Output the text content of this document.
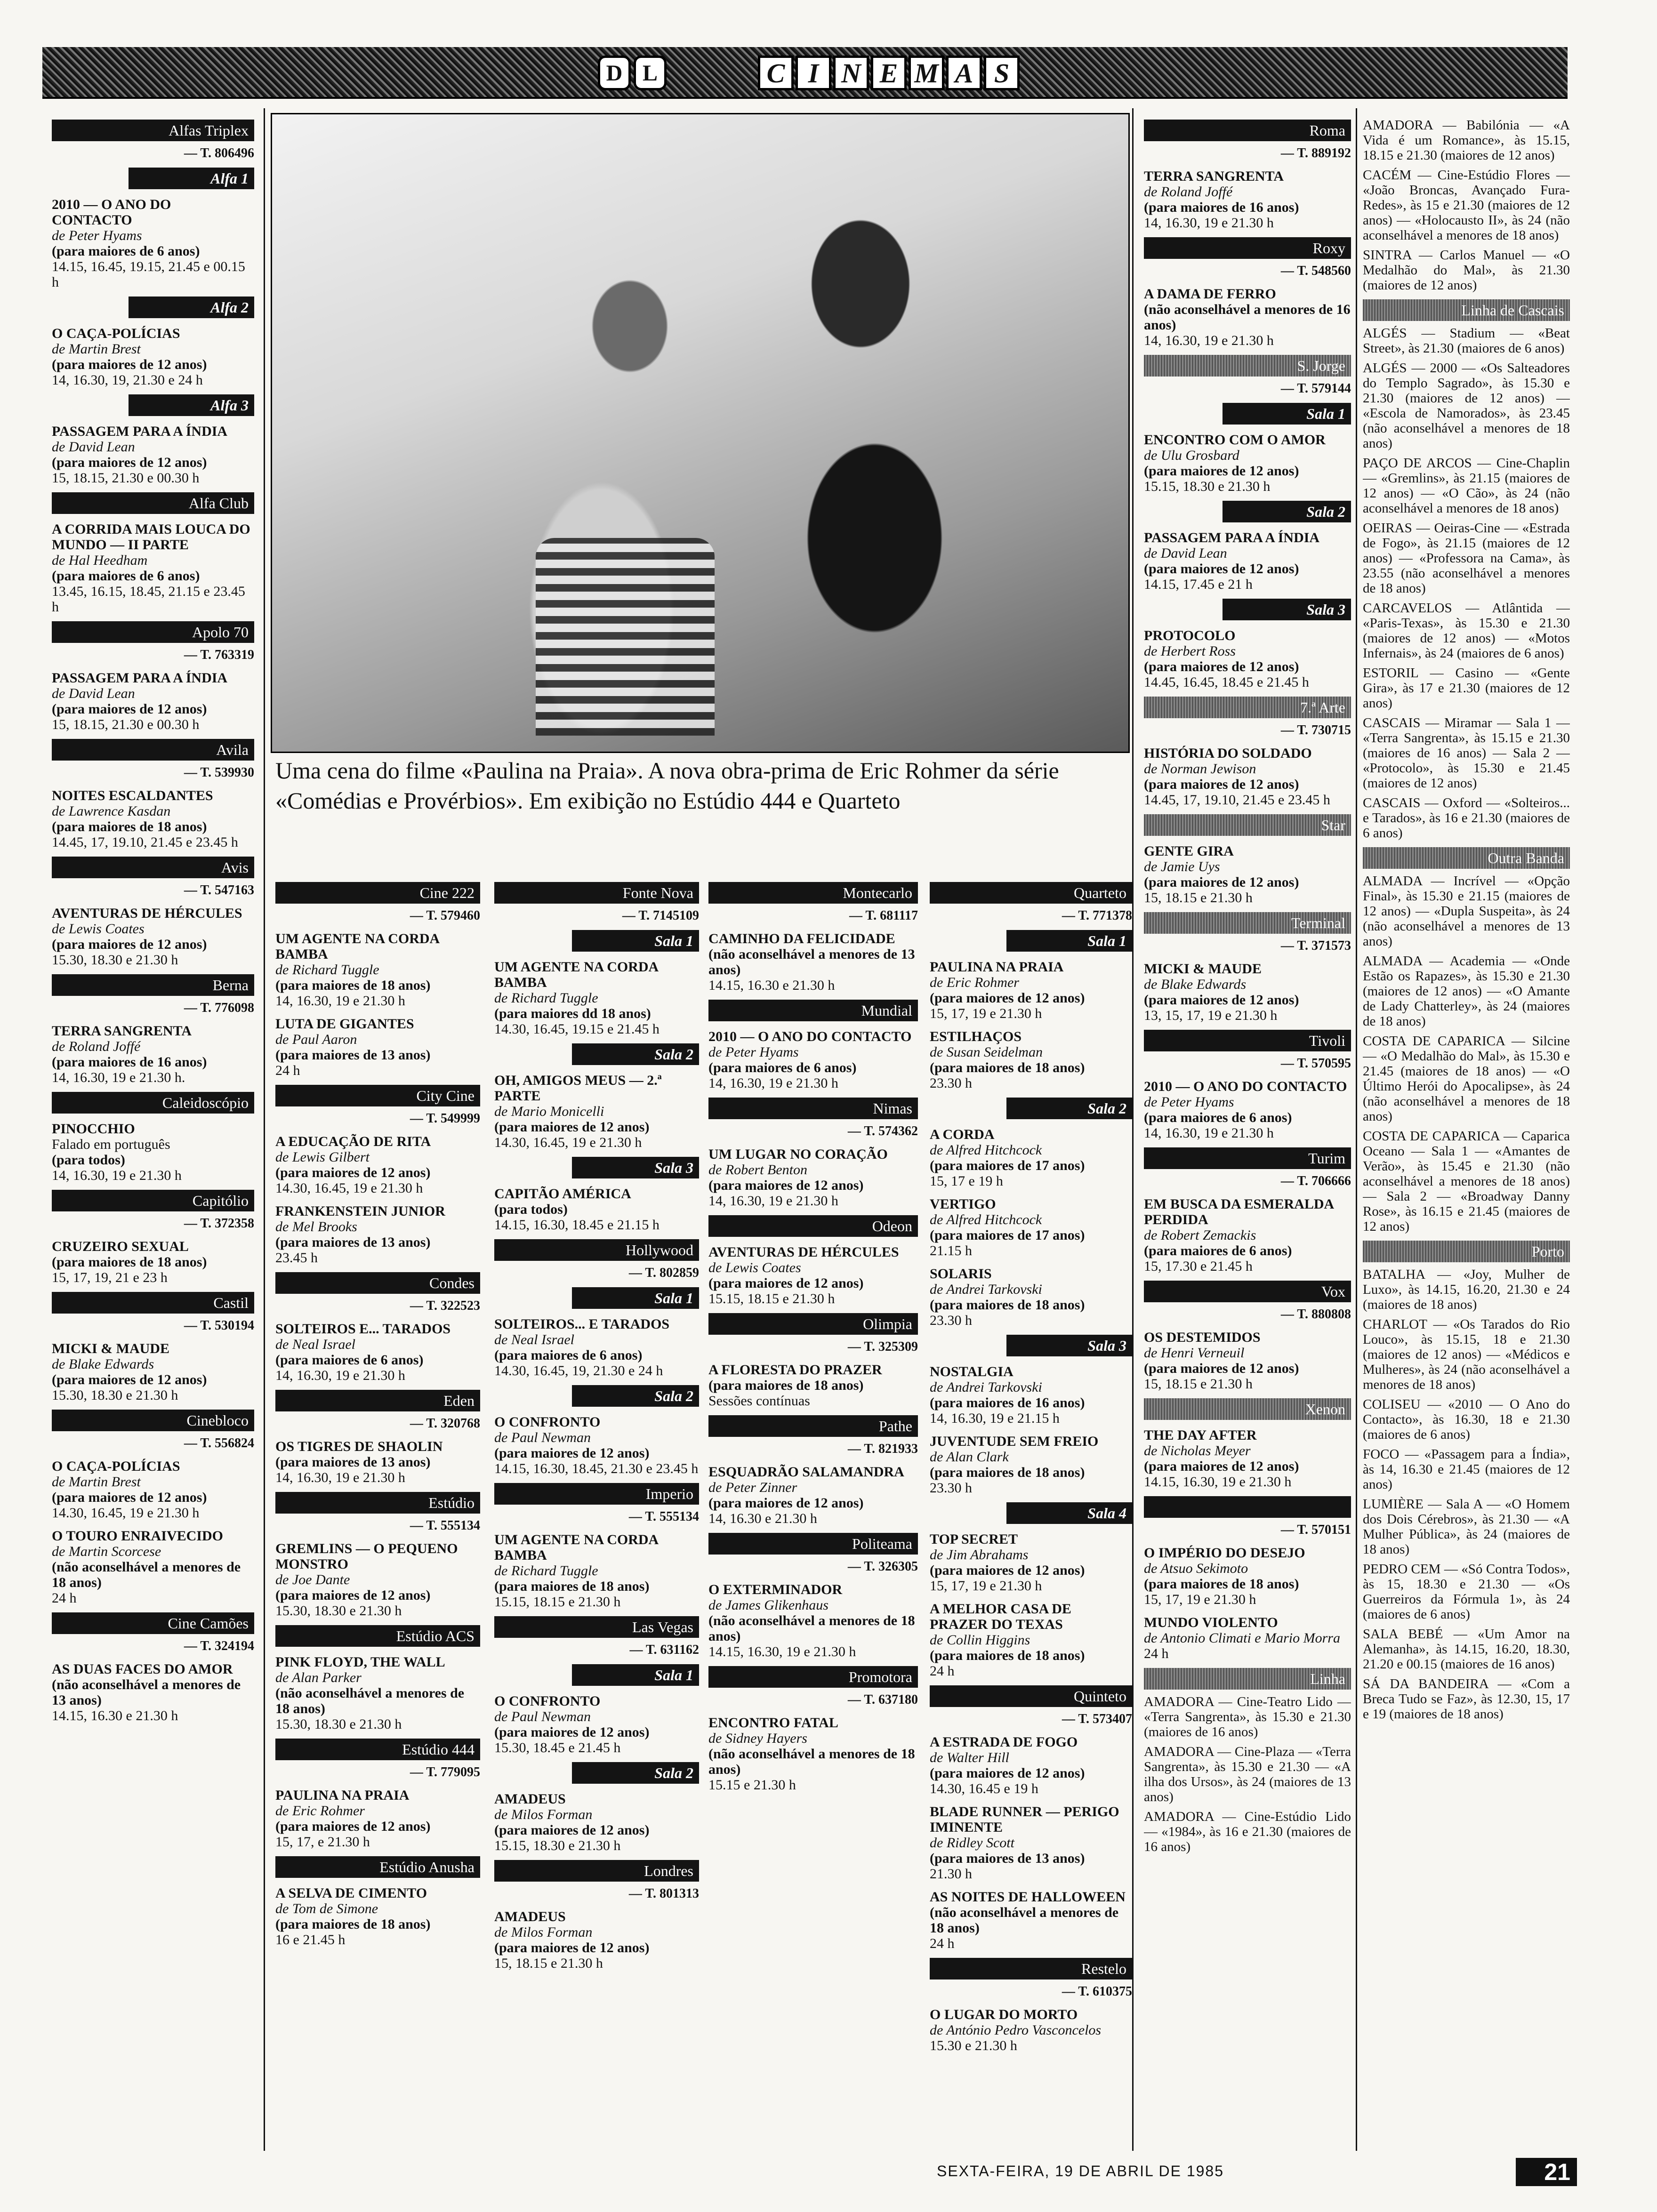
D L	C I N E M A S
Uma cena do filme «Paulina na Praia». A nova obra-prima de Eric Rohmer da série «Comédias e Provérbios». Em exibição no Estúdio 444 e Quarteto
Alfas Triplex
— T. 806496
Alfa 1
2010 — O ANO DO CONTACTO
de Peter Hyams
(para maiores de 6 anos)
14.15, 16.45, 19.15, 21.45 e 00.15 h
Alfa 2
O CAÇA-POLÍCIAS
de Martin Brest
(para maiores de 12 anos)
14, 16.30, 19, 21.30 e 24 h
Alfa 3
PASSAGEM PARA A ÍNDIA
de David Lean
(para maiores de 12 anos)
15, 18.15, 21.30 e 00.30 h
Alfa Club
A CORRIDA MAIS LOUCA DO MUNDO — II PARTE
de Hal Heedham
(para maiores de 6 anos)
13.45, 16.15, 18.45, 21.15 e 23.45 h
Apolo 70
— T. 763319
PASSAGEM PARA A ÍNDIA
de David Lean
(para maiores de 12 anos)
15, 18.15, 21.30 e 00.30 h
Avila
— T. 539930
NOITES ESCALDANTES
de Lawrence Kasdan
(para maiores de 18 anos)
14.45, 17, 19.10, 21.45 e 23.45 h
Avis
— T. 547163
AVENTURAS DE HÉRCULES
de Lewis Coates
(para maiores de 12 anos)
15.30, 18.30 e 21.30 h
Berna
— T. 776098
TERRA SANGRENTA
de Roland Joffé
(para maiores de 16 anos)
14, 16.30, 19 e 21.30 h.
Caleidoscópio
PINOCCHIO
Falado em português
(para todos)
14, 16.30, 19 e 21.30 h
Capitólio
— T. 372358
CRUZEIRO SEXUAL
(para maiores de 18 anos)
15, 17, 19, 21 e 23 h
Castil
— T. 530194
MICKI & MAUDE
de Blake Edwards
(para maiores de 12 anos)
15.30, 18.30 e 21.30 h
Cinebloco
— T. 556824
O CAÇA-POLÍCIAS
de Martin Brest
(para maiores de 12 anos)
14.30, 16.45, 19 e 21.30 h
O TOURO ENRAIVECIDO
de Martin Scorcese
(não aconselhável a menores de 18 anos)
24 h
Cine Camões
— T. 324194
AS DUAS FACES DO AMOR
(não aconselhável a menores de 13 anos)
14.15, 16.30 e 21.30 h
Cine 222
— T. 579460
UM AGENTE NA CORDA BAMBA
de Richard Tuggle
(para maiores de 18 anos)
14, 16.30, 19 e 21.30 h
LUTA DE GIGANTES
de Paul Aaron
(para maiores de 13 anos)
24 h
City Cine
— T. 549999
A EDUCAÇÃO DE RITA
de Lewis Gilbert
(para maiores de 12 anos)
14.30, 16.45, 19 e 21.30 h
FRANKENSTEIN JUNIOR
de Mel Brooks
(para maiores de 13 anos)
23.45 h
Condes
— T. 322523
SOLTEIROS E... TARADOS
de Neal Israel
(para maiores de 6 anos)
14, 16.30, 19 e 21.30 h
Eden
— T. 320768
OS TIGRES DE SHAOLIN
(para maiores de 13 anos)
14, 16.30, 19 e 21.30 h
Estúdio
— T. 555134
GREMLINS — O PEQUENO MONSTRO
de Joe Dante
(para maiores de 12 anos)
15.30, 18.30 e 21.30 h
Estúdio ACS
PINK FLOYD, THE WALL
de Alan Parker
(não aconselhável a menores de 18 anos)
15.30, 18.30 e 21.30 h
Estúdio 444
— T. 779095
PAULINA NA PRAIA
de Eric Rohmer
(para maiores de 12 anos)
15, 17, e 21.30 h
Estúdio Anusha
A SELVA DE CIMENTO
de Tom de Simone
(para maiores de 18 anos)
16 e 21.45 h
Fonte Nova
— T. 7145109
Sala 1
UM AGENTE NA CORDA BAMBA
de Richard Tuggle
(para maiores dd 18 anos)
14.30, 16.45, 19.15 e 21.45 h
Sala 2
OH, AMIGOS MEUS — 2.ª PARTE
de Mario Monicelli
(para maiores de 12 anos)
14.30, 16.45, 19 e 21.30 h
Sala 3
CAPITÃO AMÉRICA
(para todos)
14.15, 16.30, 18.45 e 21.15 h
Hollywood
— T. 802859
Sala 1
SOLTEIROS... E TARADOS
de Neal Israel
(para maiores de 6 anos)
14.30, 16.45, 19, 21.30 e 24 h
Sala 2
O CONFRONTO
de Paul Newman
(para maiores de 12 anos)
14.15, 16.30, 18.45, 21.30 e 23.45 h
Imperio
— T. 555134
UM AGENTE NA CORDA BAMBA
de Richard Tuggle
(para maiores de 18 anos)
15.15, 18.15 e 21.30 h
Las Vegas
— T. 631162
Sala 1
O CONFRONTO
de Paul Newman
(para maiores de 12 anos)
15.30, 18.45 e 21.45 h
Sala 2
AMADEUS
de Milos Forman
(para maiores de 12 anos)
15.15, 18.30 e 21.30 h
Londres
— T. 801313
AMADEUS
de Milos Forman
(para maiores de 12 anos)
15, 18.15 e 21.30 h
Montecarlo
— T. 681117
CAMINHO DA FELICIDADE
(não aconselhável a menores de 13 anos)
14.15, 16.30 e 21.30 h
Mundial
2010 — O ANO DO CONTACTO
de Peter Hyams
(para maiores de 6 anos)
14, 16.30, 19 e 21.30 h
Nimas
— T. 574362
UM LUGAR NO CORAÇÃO
de Robert Benton
(para maiores de 12 anos)
14, 16.30, 19 e 21.30 h
Odeon
AVENTURAS DE HÉRCULES
de Lewis Coates
(para maiores de 12 anos)
15.15, 18.15 e 21.30 h
Olimpia
— T. 325309
A FLORESTA DO PRAZER
(para maiores de 18 anos)
Sessões contínuas
Pathe
— T. 821933
ESQUADRÃO SALAMANDRA
de Peter Zinner
(para maiores de 12 anos)
14, 16.30 e 21.30 h
Politeama
— T. 326305
O EXTERMINADOR
de James Glikenhaus
(não aconselhável a menores de 18 anos)
14.15, 16.30, 19 e 21.30 h
Promotora
— T. 637180
ENCONTRO FATAL
de Sidney Hayers
(não aconselhável a menores de 18 anos)
15.15 e 21.30 h
Quarteto
— T. 771378
Sala 1
PAULINA NA PRAIA
de Eric Rohmer
(para maiores de 12 anos)
15, 17, 19 e 21.30 h
ESTILHAÇOS
de Susan Seidelman
(para maiores de 18 anos)
23.30 h
Sala 2
A CORDA
de Alfred Hitchcock
(para maiores de 17 anos)
15, 17 e 19 h
VERTIGO
de Alfred Hitchcock
(para maiores de 17 anos)
21.15 h
SOLARIS
de Andrei Tarkovski
(para maiores de 18 anos)
23.30 h
Sala 3
NOSTALGIA
de Andrei Tarkovski
(para maiores de 16 anos)
14, 16.30, 19 e 21.15 h
JUVENTUDE SEM FREIO
de Alan Clark
(para maiores de 18 anos)
23.30 h
Sala 4
TOP SECRET
de Jim Abrahams
(para maiores de 12 anos)
15, 17, 19 e 21.30 h
A MELHOR CASA DE PRAZER DO TEXAS
de Collin Higgins
(para maiores de 18 anos)
24 h
Quinteto
— T. 573407
A ESTRADA DE FOGO
de Walter Hill
(para maiores de 12 anos)
14.30, 16.45 e 19 h
BLADE RUNNER — PERIGO IMINENTE
de Ridley Scott
(para maiores de 13 anos)
21.30 h
AS NOITES DE HALLOWEEN
(não aconselhável a menores de 18 anos)
24 h
Restelo
— T. 610375
O LUGAR DO MORTO
de António Pedro Vasconcelos
15.30 e 21.30 h
Roma
— T. 889192
TERRA SANGRENTA
de Roland Joffé
(para maiores de 16 anos)
14, 16.30, 19 e 21.30 h
Roxy
— T. 548560
A DAMA DE FERRO
(não aconselhável a menores de 16 anos)
14, 16.30, 19 e 21.30 h
S. Jorge
— T. 579144
Sala 1
ENCONTRO COM O AMOR
de Ulu Grosbard
(para maiores de 12 anos)
15.15, 18.30 e 21.30 h
Sala 2
PASSAGEM PARA A ÍNDIA
de David Lean
(para maiores de 12 anos)
14.15, 17.45 e 21 h
Sala 3
PROTOCOLO
de Herbert Ross
(para maiores de 12 anos)
14.45, 16.45, 18.45 e 21.45 h
7.ª Arte
— T. 730715
HISTÓRIA DO SOLDADO
de Norman Jewison
(para maiores de 12 anos)
14.45, 17, 19.10, 21.45 e 23.45 h
Star
GENTE GIRA
de Jamie Uys
(para maiores de 12 anos)
15, 18.15 e 21.30 h
Terminal
— T. 371573
MICKI & MAUDE
de Blake Edwards
(para maiores de 12 anos)
13, 15, 17, 19 e 21.30 h
Tivoli
— T. 570595
2010 — O ANO DO CONTACTO
de Peter Hyams
(para maiores de 6 anos)
14, 16.30, 19 e 21.30 h
Turim
— T. 706666
EM BUSCA DA ESMERALDA PERDIDA
de Robert Zemackis
(para maiores de 6 anos)
15, 17.30 e 21.45 h
Vox
— T. 880808
OS DESTEMIDOS
de Henri Verneuil
(para maiores de 12 anos)
15, 18.15 e 21.30 h
Xenon
THE DAY AFTER
de Nicholas Meyer
(para maiores de 12 anos)
14.15, 16.30, 19 e 21.30 h
— T. 570151
O IMPÉRIO DO DESEJO
de Atsuo Sekimoto
(para maiores de 18 anos)
15, 17, 19 e 21.30 h
MUNDO VIOLENTO
de Antonio Climati e Mario Morra
24 h
Linha
AMADORA — Cine-Teatro Lido — «Terra Sangrenta», às 15.30 e 21.30 (maiores de 16 anos)
AMADORA — Cine-Plaza — «Terra Sangrenta», às 15.30 e 21.30 — «A ilha dos Ursos», às 24 (maiores de 13 anos)
AMADORA — Cine-Estúdio Lido — «1984», às 16 e 21.30 (maiores de 16 anos)
AMADORA — Babilónia — «A Vida é um Romance», às 15.15, 18.15 e 21.30 (maiores de 12 anos)
CACÉM — Cine-Estúdio Flores — «João Broncas, Avançado Fura-Redes», às 15 e 21.30 (maiores de 12 anos) — «Holocausto II», às 24 (não aconselhável a menores de 18 anos)
SINTRA — Carlos Manuel — «O Medalhão do Mal», às 21.30 (maiores de 12 anos)
Linha de Cascais
ALGÉS — Stadium — «Beat Street», às 21.30 (maiores de 6 anos)
ALGÉS — 2000 — «Os Salteadores do Templo Sagrado», às 15.30 e 21.30 (maiores de 12 anos) — «Escola de Namorados», às 23.45 (não aconselhável a menores de 18 anos)
PAÇO DE ARCOS — Cine-Chaplin — «Gremlins», às 21.15 (maiores de 12 anos) — «O Cão», às 24 (não aconselhável a menores de 18 anos)
OEIRAS — Oeiras-Cine — «Estrada de Fogo», às 21.15 (maiores de 12 anos) — «Professora na Cama», às 23.55 (não aconselhável a menores de 18 anos)
CARCAVELOS — Atlântida — «Paris-Texas», às 15.30 e 21.30 (maiores de 12 anos) — «Motos Infernais», às 24 (maiores de 6 anos)
ESTORIL — Casino — «Gente Gira», às 17 e 21.30 (maiores de 12 anos)
CASCAIS — Miramar — Sala 1 — «Terra Sangrenta», às 15.15 e 21.30 (maiores de 16 anos) — Sala 2 — «Protocolo», às 15.30 e 21.45 (maiores de 12 anos)
CASCAIS — Oxford — «Solteiros... e Tarados», às 16 e 21.30 (maiores de 6 anos)
Outra Banda
ALMADA — Incrível — «Opção Final», às 15.30 e 21.15 (maiores de 12 anos) — «Dupla Suspeita», às 24 (não aconselhável a menores de 13 anos)
ALMADA — Academia — «Onde Estão os Rapazes», às 15.30 e 21.30 (maiores de 12 anos) — «O Amante de Lady Chatterley», às 24 (maiores de 18 anos)
COSTA DE CAPARICA — Silcine — «O Medalhão do Mal», às 15.30 e 21.45 (maiores de 18 anos) — «O Último Herói do Apocalipse», às 24 (não aconselhável a menores de 18 anos)
COSTA DE CAPARICA — Caparica Oceano — Sala 1 — «Amantes de Verão», às 15.45 e 21.30 (não aconselhável a menores de 18 anos) — Sala 2 — «Broadway Danny Rose», às 16.15 e 21.45 (maiores de 12 anos)
Porto
BATALHA — «Joy, Mulher de Luxo», às 14.15, 16.20, 21.30 e 24 (maiores de 18 anos)
CHARLOT — «Os Tarados do Rio Louco», às 15.15, 18 e 21.30 (maiores de 12 anos) — «Médicos e Mulheres», às 24 (não aconselhável a menores de 18 anos)
COLISEU — «2010 — O Ano do Contacto», às 16.30, 18 e 21.30 (maiores de 6 anos)
FOCO — «Passagem para a Índia», às 14, 16.30 e 21.45 (maiores de 12 anos)
LUMIÈRE — Sala A — «O Homem dos Dois Cérebros», às 21.30 — «A Mulher Pública», às 24 (maiores de 18 anos)
PEDRO CEM — «Só Contra Todos», às 15, 18.30 e 21.30 — «Os Guerreiros da Fórmula 1», às 24 (maiores de 6 anos)
SALA BEBÉ — «Um Amor na Alemanha», às 14.15, 16.20, 18.30, 21.20 e 00.15 (maiores de 16 anos)
SÁ DA BANDEIRA — «Com a Breca Tudo se Faz», às 12.30, 15, 17 e 19 (maiores de 18 anos)
SEXTA-FEIRA, 19 DE ABRIL DE 1985	21
